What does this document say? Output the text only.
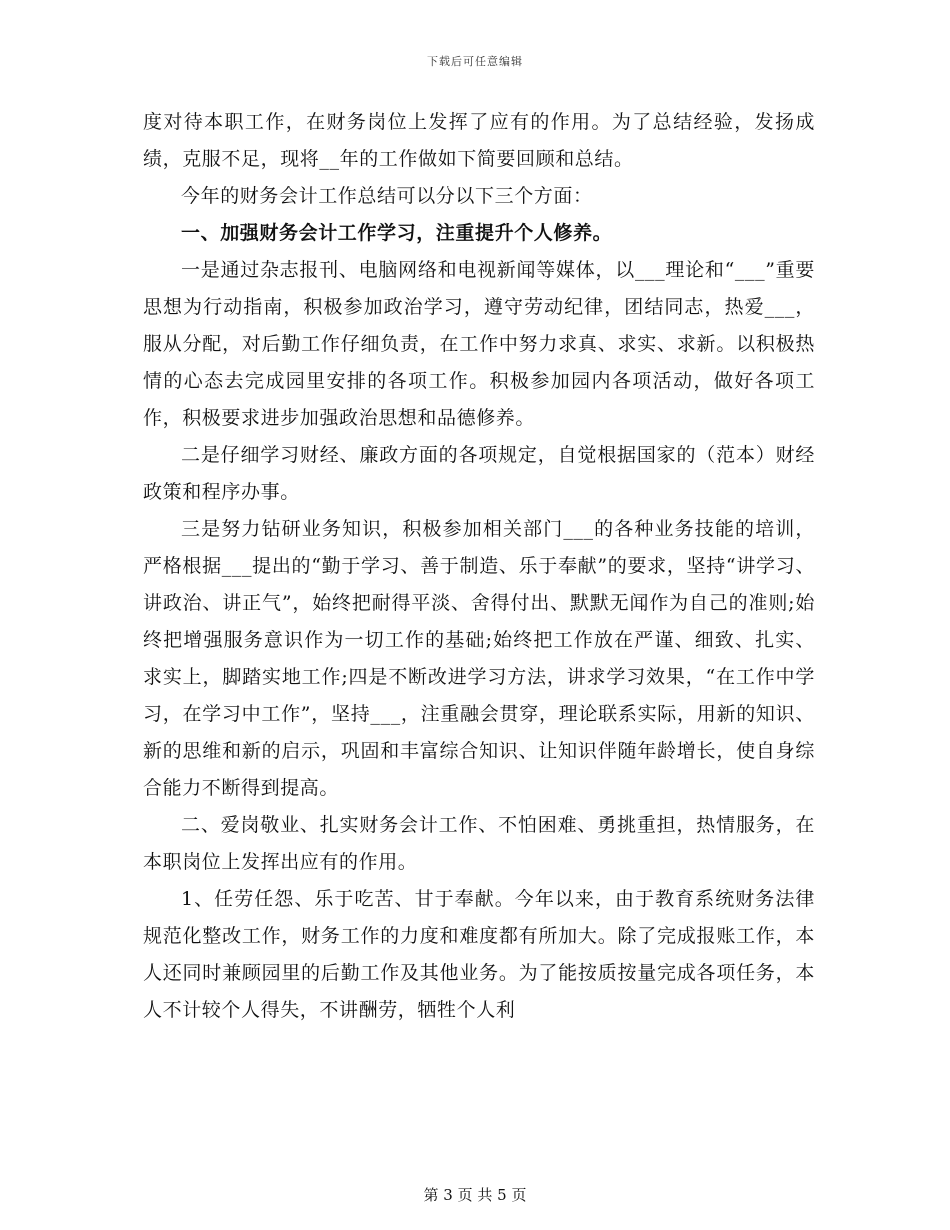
下载后可任意编辑

度对待本职工作，在财务岗位上发挥了应有的作用。为了总结经验，发扬成绩，克服不足，现将__年的工作做如下简要回顾和总结。

今年的财务会计工作总结可以分以下三个方面：

一、加强财务会计工作学习，注重提升个人修养。

一是通过杂志报刊、电脑网络和电视新闻等媒体，以___理论和“___”重要思想为行动指南，积极参加政治学习，遵守劳动纪律，团结同志，热爱___，服从分配，对后勤工作仔细负责，在工作中努力求真、求实、求新。以积极热情的心态去完成园里安排的各项工作。积极参加园内各项活动，做好各项工作，积极要求进步加强政治思想和品德修养。

二是仔细学习财经、廉政方面的各项规定，自觉根据国家的（范本）财经政策和程序办事。

三是努力钻研业务知识，积极参加相关部门___的各种业务技能的培训，严格根据___提出的“勤于学习、善于制造、乐于奉献”的要求，坚持“讲学习、讲政治、讲正气”，始终把耐得平淡、舍得付出、默默无闻作为自己的准则;始终把增强服务意识作为一切工作的基础;始终把工作放在严谨、细致、扎实、求实上，脚踏实地工作;四是不断改进学习方法，讲求学习效果，“在工作中学习，在学习中工作”，坚持___，注重融会贯穿，理论联系实际，用新的知识、新的思维和新的启示，巩固和丰富综合知识、让知识伴随年龄增长，使自身综合能力不断得到提高。

二、爱岗敬业、扎实财务会计工作、不怕困难、勇挑重担，热情服务，在本职岗位上发挥出应有的作用。

1、任劳任怨、乐于吃苦、甘于奉献。今年以来，由于教育系统财务法律规范化整改工作，财务工作的力度和难度都有所加大。除了完成报账工作，本人还同时兼顾园里的后勤工作及其他业务。为了能按质按量完成各项任务，本人不计较个人得失，不讲酬劳，牺牲个人利

第 3 页 共 5 页
